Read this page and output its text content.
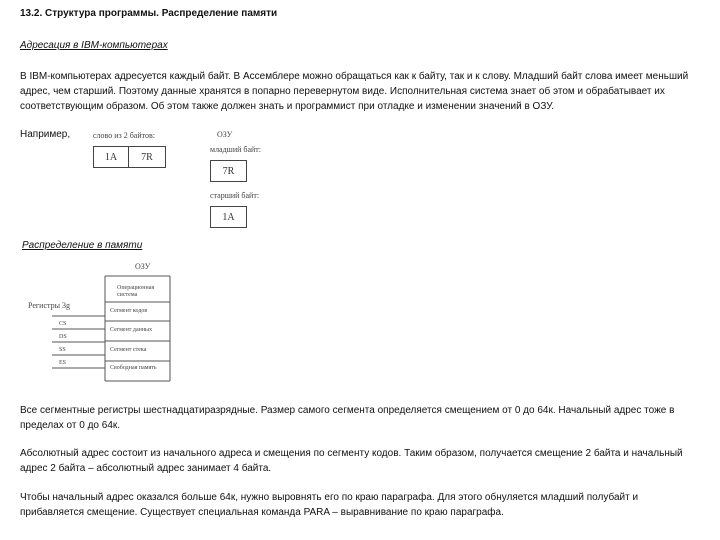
13.2. Структура программы. Распределение памяти
Адресация в IBM-компьютерах
В IBM-компьютерах адресуется каждый байт. В Ассемблере можно обращаться как к байту, так и к слову. Младший байт слова имеет меньший адрес, чем старший. Поэтому данные хранятся в попарно перевернутом виде. Исполнительная система знает об этом и обрабатывает их соответствующим образом. Об этом также должен знать и программист при отладке и изменении значений в ОЗУ.
Например,	слово из 2 байтов:
1A	7R
ОЗУ
младший байт:
7R
старший байт:
1A
Распределение в памяти
ОЗУ
Регистры 3g
Операционная система
Сегмент кодов
Сегмент данных
Сегмент стека
Свободная память
CS
DS
SS
ES
Все сегментные регистры шестнадцатиразрядные. Размер самого сегмента определяется смещением от 0 до 64к. Начальный адрес тоже в пределах от 0 до 64к.
Абсолютный адрес состоит из начального адреса и смещения по сегменту кодов. Таким образом, получается смещение 2 байта и начальный адрес 2 байта – абсолютный адрес занимает 4 байта.
Чтобы начальный адрес оказался больше 64к, нужно выровнять его по краю параграфа. Для этого обнуляется младший полубайт и прибавляется смещение. Существует специальная команда PARA – выравнивание по краю параграфа.
